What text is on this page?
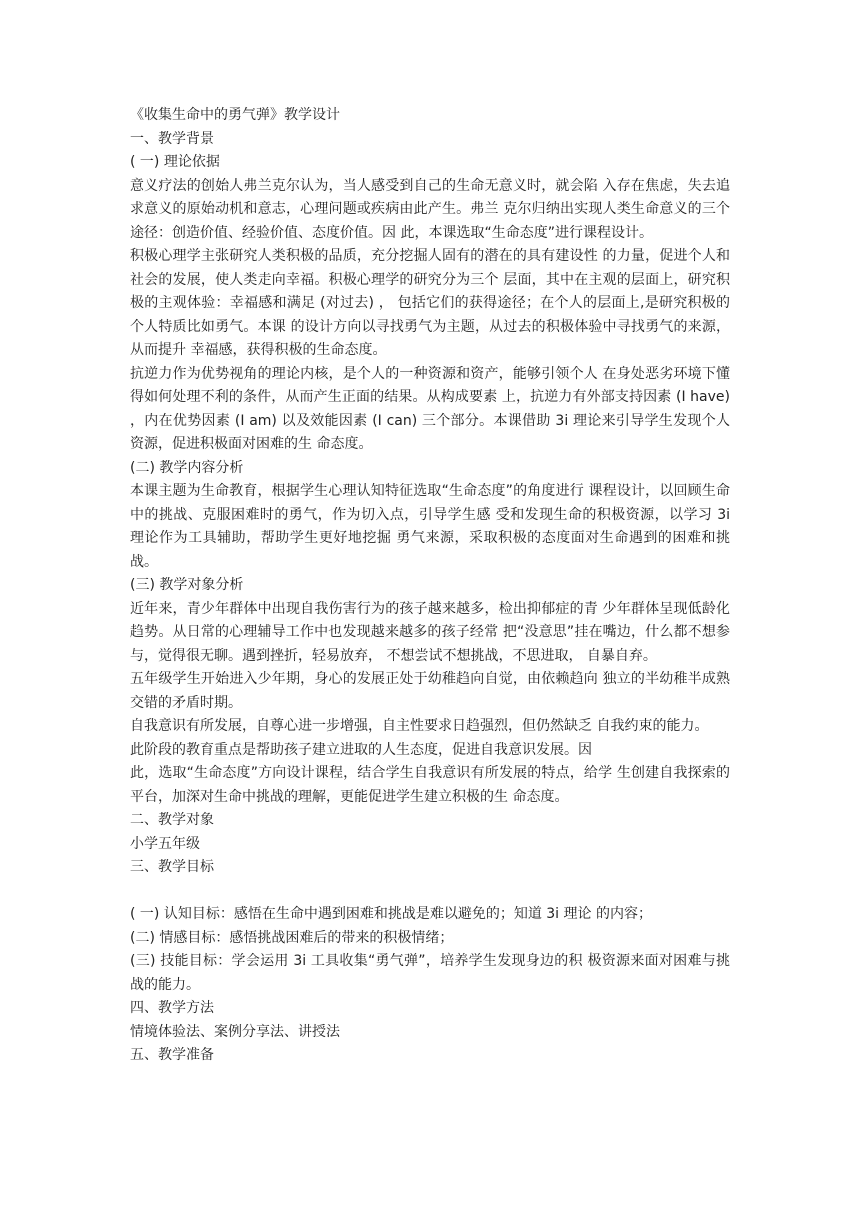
《收集生命中的勇气弹》教学设计

一、教学背景

( 一) 理论依据

意义疗法的创始人弗兰克尔认为，当人感受到自己的生命无意义时，就会陷 入存在焦虑，失去追求意义的原始动机和意志，心理问题或疾病由此产生。弗兰 克尔归纳出实现人类生命意义的三个途径：创造价值、经验价值、态度价值。因 此，本课选取“生命态度”进行课程设计。

积极心理学主张研究人类积极的品质，充分挖掘人固有的潜在的具有建设性 的力量，促进个人和社会的发展，使人类走向幸福。积极心理学的研究分为三个 层面，其中在主观的层面上，研究积极的主观体验：幸福感和满足 (对过去) ， 包括它们的获得途径；在个人的层面上,是研究积极的个人特质比如勇气。本课 的设计方向以寻找勇气为主题，从过去的积极体验中寻找勇气的来源，从而提升 幸福感，获得积极的生命态度。

抗逆力作为优势视角的理论内核，是个人的一种资源和资产，能够引领个人 在身处恶劣环境下懂得如何处理不利的条件，从而产生正面的结果。从构成要素 上，抗逆力有外部支持因素 (I have) ，内在优势因素 (I am) 以及效能因素 (I can) 三个部分。本课借助 3i 理论来引导学生发现个人资源，促进积极面对困难的生 命态度。

(二) 教学内容分析

本课主题为生命教育，根据学生心理认知特征选取“生命态度”的角度进行 课程设计，以回顾生命中的挑战、克服困难时的勇气，作为切入点，引导学生感 受和发现生命的积极资源，以学习 3i 理论作为工具辅助，帮助学生更好地挖掘 勇气来源，采取积极的态度面对生命遇到的困难和挑战。

(三) 教学对象分析

近年来，青少年群体中出现自我伤害行为的孩子越来越多，检出抑郁症的青 少年群体呈现低龄化趋势。从日常的心理辅导工作中也发现越来越多的孩子经常 把“没意思”挂在嘴边，什么都不想参与，觉得很无聊。遇到挫折，轻易放弃， 不想尝试不想挑战，不思进取， 自暴自弃。

五年级学生开始进入少年期，身心的发展正处于幼稚趋向自觉，由依赖趋向 独立的半幼稚半成熟交错的矛盾时期。

自我意识有所发展，自尊心进一步增强，自主性要求日趋强烈，但仍然缺乏 自我约束的能力。

此阶段的教育重点是帮助孩子建立进取的人生态度，促进自我意识发展。因

此，选取“生命态度”方向设计课程，结合学生自我意识有所发展的特点，给学 生创建自我探索的平台，加深对生命中挑战的理解，更能促进学生建立积极的生 命态度。

二、教学对象

小学五年级

三、教学目标

( 一) 认知目标：感悟在生命中遇到困难和挑战是难以避免的；知道 3i 理论 的内容；

(二) 情感目标：感悟挑战困难后的带来的积极情绪；

(三) 技能目标：学会运用 3i 工具收集“勇气弹”，培养学生发现身边的积 极资源来面对困难与挑战的能力。

四、教学方法

情境体验法、案例分享法、讲授法

五、教学准备
